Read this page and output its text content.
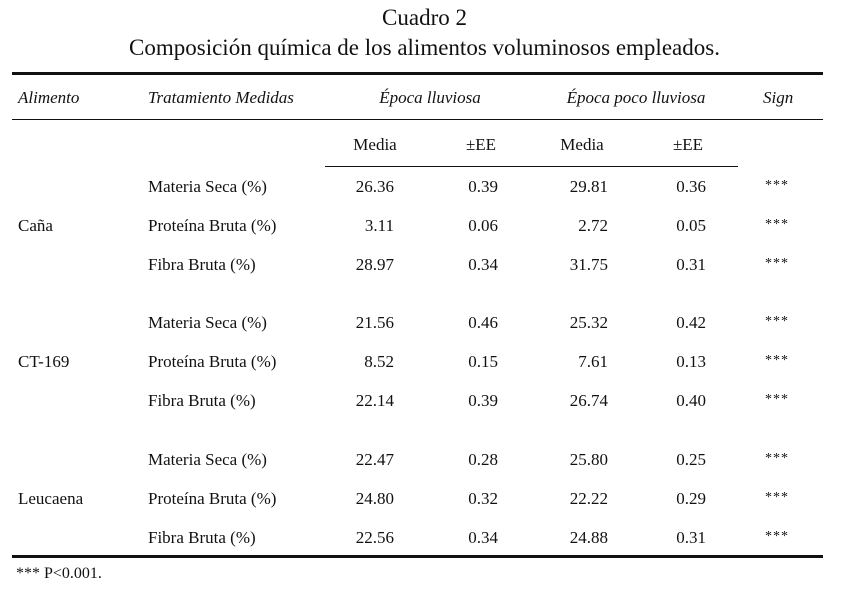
Cuadro 2
Composición química de los alimentos voluminosos empleados.
Alimento	Tratamiento Medidas	Época lluviosa	Época poco lluviosa	Sign
Media	±EE	Media	±EE
Caña
Materia Seca (%)	26.36	0.39	29.81	0.36	***
Proteína Bruta (%)	3.11	0.06	2.72	0.05	***
Fibra Bruta (%)	28.97	0.34	31.75	0.31	***
CT-169
Materia Seca (%)	21.56	0.46	25.32	0.42	***
Proteína Bruta (%)	8.52	0.15	7.61	0.13	***
Fibra Bruta (%)	22.14	0.39	26.74	0.40	***
Leucaena
Materia Seca (%)	22.47	0.28	25.80	0.25	***
Proteína Bruta (%)	24.80	0.32	22.22	0.29	***
Fibra Bruta (%)	22.56	0.34	24.88	0.31	***
*** P<0.001.
